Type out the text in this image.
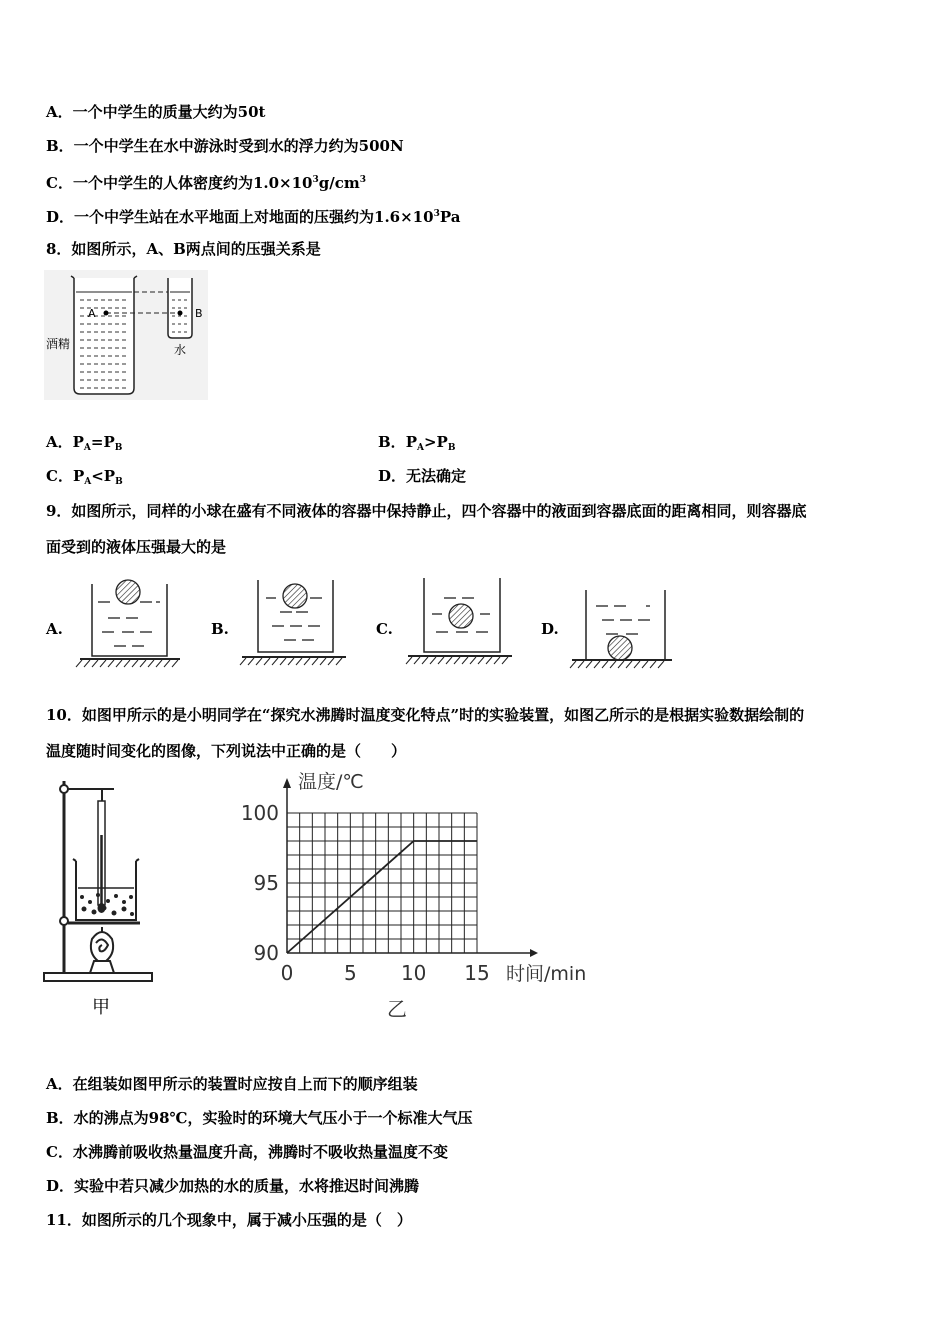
A．一个中学生的质量大约为50t
B．一个中学生在水中游泳时受到水的浮力约为500N
C．一个中学生的人体密度约为$1.0\times 10^3g/cm^3$
D．一个中学生站在水平地面上对地面的压强约为$1.6\times 10^3Pa$
8．如图所示，A、B两点间的压强关系是
A	B
酒精	水
A．$P_A=P_B$	B．$P_A>P_B$
C．$P_A<P_B$	D．无法确定
9．如图所示，同样的小球在盛有不同液体的容器中保持静止，四个容器中的液面到容器底面的距离相同，则容器底
面受到的液体压强最大的是
A.	B.	C.	D.
10．如图甲所示的是小明同学在“探究水沸腾时温度变化特点”时的实验装置，如图乙所示的是根据实验数据绘制的
温度随时间变化的图像，下列说法中正确的是（　　）
甲
0	5 10 15
90
95
100
温度/℃
时间/min
乙
A．在组装如图甲所示的装置时应按自上而下的顺序组装
B．水的沸点为98℃，实验时的环境大气压小于一个标准大气压
C．水沸腾前吸收热量温度升高，沸腾时不吸收热量温度不变
D．实验中若只减少加热的水的质量，水将推迟时间沸腾
11．如图所示的几个现象中，属于减小压强的是（　）
